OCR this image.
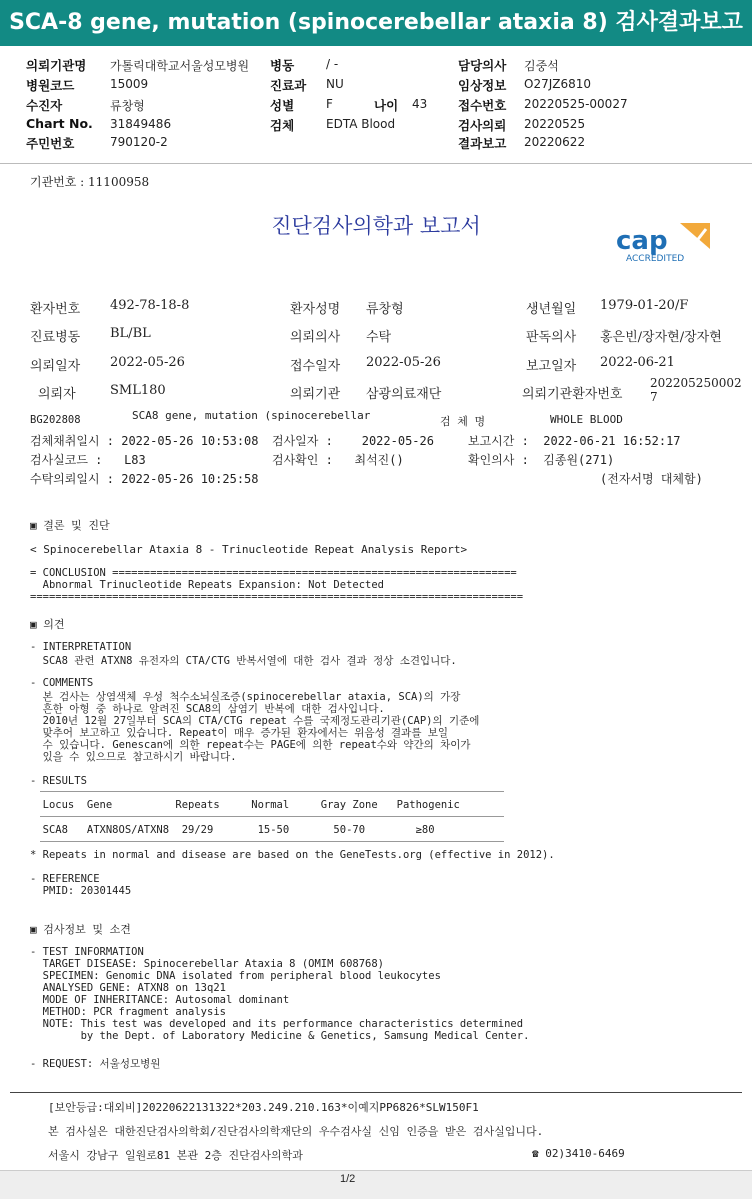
SCA-8 gene, mutation (spinocerebellar ataxia 8) 검사결과보고서
의뢰기관명 가톨릭대학교서울성모병원 병동	/ -	담당의사 김중석
병원코드	15009	진료과 NU	임상정보 O27JZ6810
수진자	류창형	성별	F	나이 43 접수번호 20220525-00027
Chart No. 31849486	검체	EDTA Blood	검사의뢰 20220525
주민번호	790120-2	결과보고 20220622
기관번호 : 11100958
진단검사의학과 보고서	cap
ACCREDITED
환자번호 492-78-18-8	환자성명 류창형	생년월일 1979-01-20/F
진료병동 BL/BL	의뢰의사 수탁	판독의사 홍은빈/장자현/장자현
의뢰일자 2022-05-26	접수일자 2022-05-26	보고일자 2022-06-21
의뢰자	SML180	의뢰기관 삼광의료재단	의뢰기관환자번호
202205250002
7
BG202808	SCA8 gene, mutation (spinocerebellar	검 체 명	WHOLE BLOOD
검체채취일시 : 2022-05-26 10:53:08 검사일자 :    2022-05-26	보고시간 :  2022-06-21 16:52:17
검사실코드 :   L83	검사확인 :   최석진()	확인의사 :  김종원(271)
수탁의뢰일시 : 2022-05-26 10:25:58	(전자서명 대체함)
▣ 결론 및 진단
< Spinocerebellar Ataxia 8 - Trinucleotide Repeat Analysis Report>
= CONCLUSION ================================================================
Abnormal Trinucleotide Repeats Expansion: Not Detected
==============================================================================
▣ 의견
- INTERPRETATION
SCA8 관련 ATXN8 유전자의 CTA/CTG 반복서열에 대한 검사 결과 정상 소견입니다.
- COMMENTS
본 검사는 상염색체 우성 척수소뇌실조증(spinocerebellar ataxia, SCA)의 가장
흔한 아형 중 하나로 알려진 SCA8의 삼염기 반복에 대한 검사입니다.
2010년 12월 27일부터 SCA의 CTA/CTG repeat 수를 국제정도관리기관(CAP)의 기준에
맞추어 보고하고 있습니다. Repeat이 매우 증가된 환자에서는 위음성 결과를 보일
수 있습니다. Genescan에 의한 repeat수는 PAGE에 의한 repeat수와 약간의 차이가
있을 수 있으므로 참고하시기 바랍니다.
- RESULTS
Locus  Gene          Repeats     Normal     Gray Zone   Pathogenic
SCA8   ATXN8OS/ATXN8  29/29       15-50       50-70        ≥80
* Repeats in normal and disease are based on the GeneTests.org (effective in 2012).
- REFERENCE
PMID: 20301445
▣ 검사정보 및 소견
- TEST INFORMATION
TARGET DISEASE: Spinocerebellar Ataxia 8 (OMIM 608768)
SPECIMEN: Genomic DNA isolated from peripheral blood leukocytes
ANALYSED GENE: ATXN8 on 13q21
MODE OF INHERITANCE: Autosomal dominant
METHOD: PCR fragment analysis
NOTE: This test was developed and its performance characteristics determined
by the Dept. of Laboratory Medicine & Genetics, Samsung Medical Center.
- REQUEST: 서울성모병원
[보안등급:대외비]20220622131322*203.249.210.163*이예지PP6826*SLW150F1
본 검사실은 대한진단검사의학회/진단검사의학재단의 우수검사실 신임 인증을 받은 검사실입니다.
서울시 강남구 일원로81 본관 2층 진단검사의학과	☎ 02)3410-6469
1/2
